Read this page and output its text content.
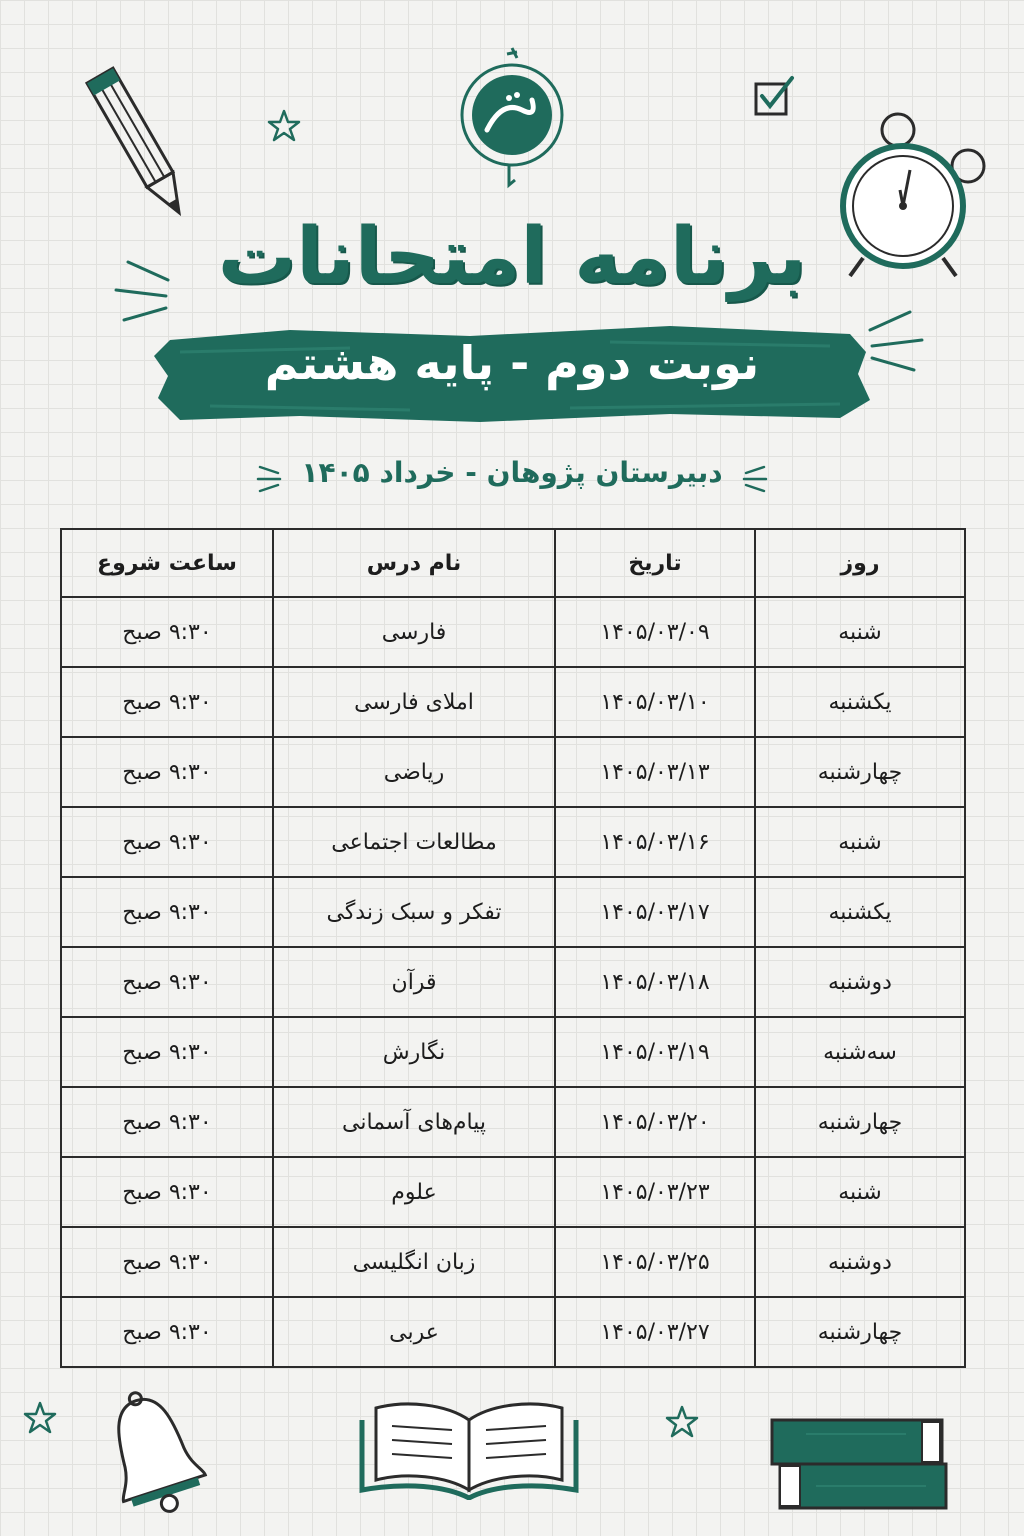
برنامه امتحانات
نوبت دوم - پایه هشتم
دبیرستان پژوهان - خرداد ۱۴۰۵
روز	تاریخ	نام درس	ساعت شروع
شنبه	۱۴۰۵/۰۳/۰۹	فارسی	۹:۳۰ صبح
یکشنبه	۱۴۰۵/۰۳/۱۰	املای فارسی	۹:۳۰ صبح
چهارشنبه	۱۴۰۵/۰۳/۱۳	ریاضی	۹:۳۰ صبح
شنبه	۱۴۰۵/۰۳/۱۶	مطالعات اجتماعی	۹:۳۰ صبح
یکشنبه	۱۴۰۵/۰۳/۱۷	تفکر و سبک زندگی	۹:۳۰ صبح
دوشنبه	۱۴۰۵/۰۳/۱۸	قرآن	۹:۳۰ صبح
سه‌شنبه	۱۴۰۵/۰۳/۱۹	نگارش	۹:۳۰ صبح
چهارشنبه	۱۴۰۵/۰۳/۲۰	پیام‌های آسمانی	۹:۳۰ صبح
شنبه	۱۴۰۵/۰۳/۲۳	علوم	۹:۳۰ صبح
دوشنبه	۱۴۰۵/۰۳/۲۵	زبان انگلیسی	۹:۳۰ صبح
چهارشنبه	۱۴۰۵/۰۳/۲۷	عربی	۹:۳۰ صبح
